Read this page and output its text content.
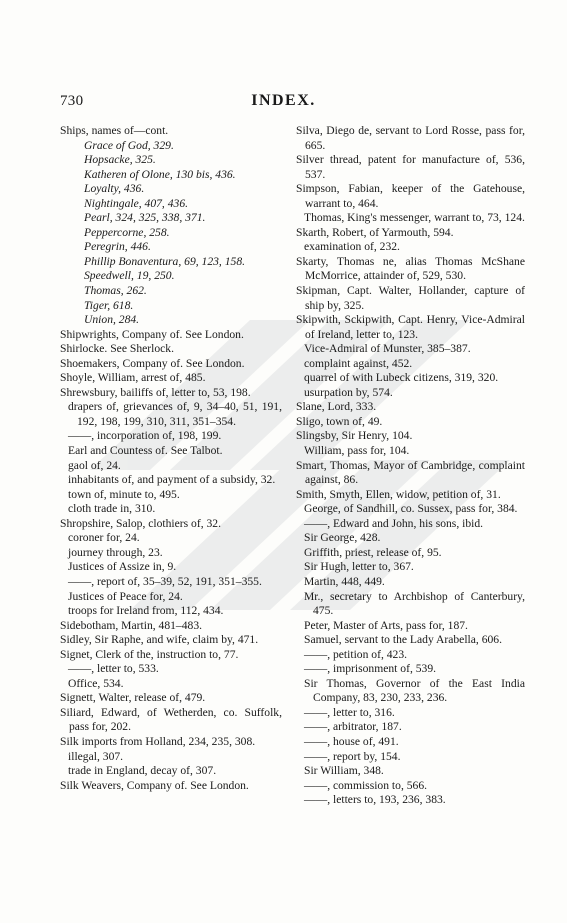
730	INDEX.
Ships, names of—cont.
Grace of God, 329.
Hopsacke, 325.
Katheren of Olone, 130 bis, 436.
Loyalty, 436.
Nightingale, 407, 436.
Pearl, 324, 325, 338, 371.
Peppercorne, 258.
Peregrin, 446.
Phillip Bonaventura, 69, 123, 158.
Speedwell, 19, 250.
Thomas, 262.
Tiger, 618.
Union, 284.
Shipwrights, Company of. See London.
Shirlocke. See Sherlock.
Shoemakers, Company of. See London.
Shoyle, William, arrest of, 485.
Shrewsbury, bailiffs of, letter to, 53, 198.
drapers of, grievances of, 9, 34–40, 51, 191, 192, 198, 199, 310, 311, 351–354.
——, incorporation of, 198, 199.
Earl and Countess of. See Talbot.
gaol of, 24.
inhabitants of, and payment of a subsidy, 32.
town of, minute to, 495.
cloth trade in, 310.
Shropshire, Salop, clothiers of, 32.
coroner for, 24.
journey through, 23.
Justices of Assize in, 9.
——, report of, 35–39, 52, 191, 351–355.
Justices of Peace for, 24.
troops for Ireland from, 112, 434.
Sidebotham, Martin, 481–483.
Sidley, Sir Raphe, and wife, claim by, 471.
Signet, Clerk of the, instruction to, 77.
——, letter to, 533.
Office, 534.
Signett, Walter, release of, 479.
Siliard, Edward, of Wetherden, co. Suffolk, pass for, 202.
Silk imports from Holland, 234, 235, 308.
illegal, 307.
trade in England, decay of, 307.
Silk Weavers, Company of. See London.
Silva, Diego de, servant to Lord Rosse, pass for, 665.
Silver thread, patent for manufacture of, 536, 537.
Simpson, Fabian, keeper of the Gatehouse, warrant to, 464.
Thomas, King's messenger, warrant to, 73, 124.
Skarth, Robert, of Yarmouth, 594.
examination of, 232.
Skarty, Thomas ne, alias Thomas McShane McMorrice, attainder of, 529, 530.
Skipman, Capt. Walter, Hollander, capture of ship by, 325.
Skipwith, Sckipwith, Capt. Henry, Vice-Admiral of Ireland, letter to, 123.
Vice-Admiral of Munster, 385–387.
complaint against, 452.
quarrel of with Lubeck citizens, 319, 320.
usurpation by, 574.
Slane, Lord, 333.
Sligo, town of, 49.
Slingsby, Sir Henry, 104.
William, pass for, 104.
Smart, Thomas, Mayor of Cambridge, complaint against, 86.
Smith, Smyth, Ellen, widow, petition of, 31.
George, of Sandhill, co. Sussex, pass for, 384.
——, Edward and John, his sons, ibid.
Sir George, 428.
Griffith, priest, release of, 95.
Sir Hugh, letter to, 367.
Martin, 448, 449.
Mr., secretary to Archbishop of Canterbury, 475.
Peter, Master of Arts, pass for, 187.
Samuel, servant to the Lady Arabella, 606.
——, petition of, 423.
——, imprisonment of, 539.
Sir Thomas, Governor of the East India Company, 83, 230, 233, 236.
——, letter to, 316.
——, arbitrator, 187.
——, house of, 491.
——, report by, 154.
Sir William, 348.
——, commission to, 566.
——, letters to, 193, 236, 383.
